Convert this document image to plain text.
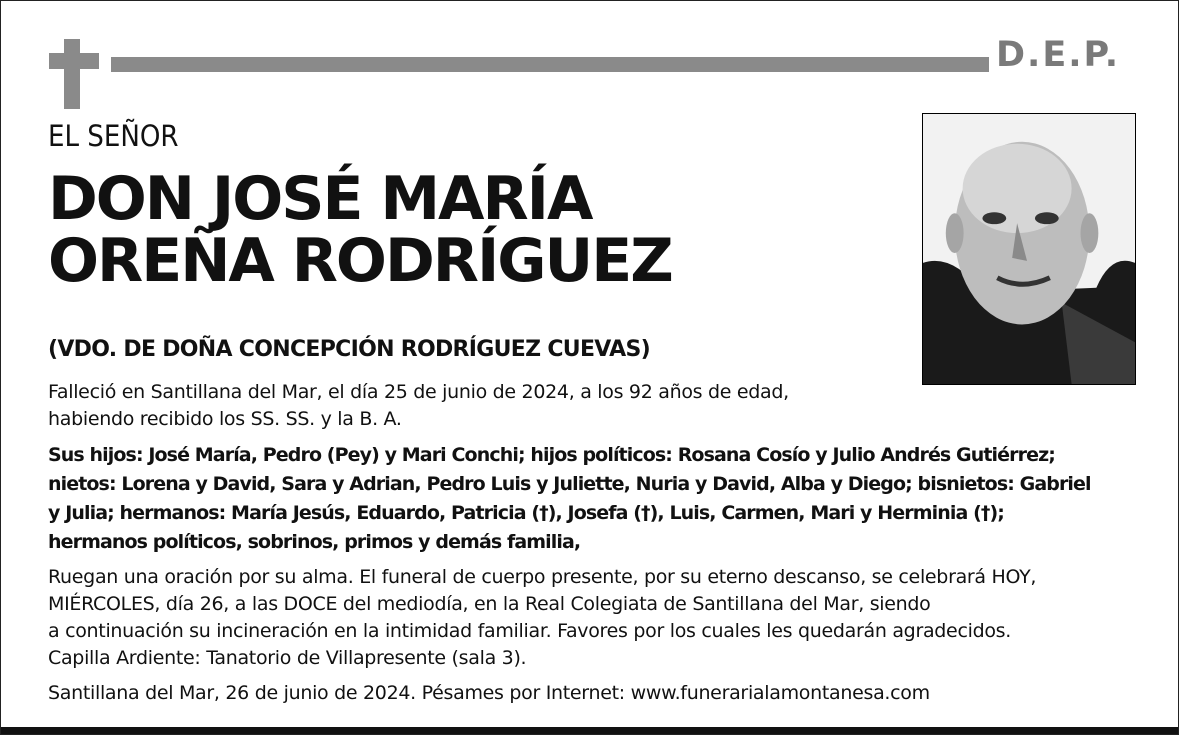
D.E.P.
EL SEÑOR
DON JOSÉ MARÍA
OREÑA RODRÍGUEZ
(VDO. DE DOÑA CONCEPCIÓN RODRÍGUEZ CUEVAS)
Falleció en Santillana del Mar, el día 25 de junio de 2024, a los 92 años de edad,
habiendo recibido los SS. SS. y la B. A.
Sus hijos: José María, Pedro (Pey) y Mari Conchi; hijos políticos: Rosana Cosío y Julio Andrés Gutiérrez;
nietos: Lorena y David, Sara y Adrian, Pedro Luis y Juliette, Nuria y David, Alba y Diego; bisnietos: Gabriel
y Julia; hermanos: María Jesús, Eduardo, Patricia (†), Josefa (†), Luis, Carmen, Mari y Herminia (†);
hermanos políticos, sobrinos, primos y demás familia,
Ruegan una oración por su alma. El funeral de cuerpo presente, por su eterno descanso, se celebrará HOY,
MIÉRCOLES, día 26, a las DOCE del mediodía, en la Real Colegiata de Santillana del Mar, siendo
a continuación su incineración en la intimidad familiar. Favores por los cuales les quedarán agradecidos.
Capilla Ardiente: Tanatorio de Villapresente (sala 3).
Santillana del Mar, 26 de junio de 2024. Pésames por Internet: www.funerarialamontanesa.com
